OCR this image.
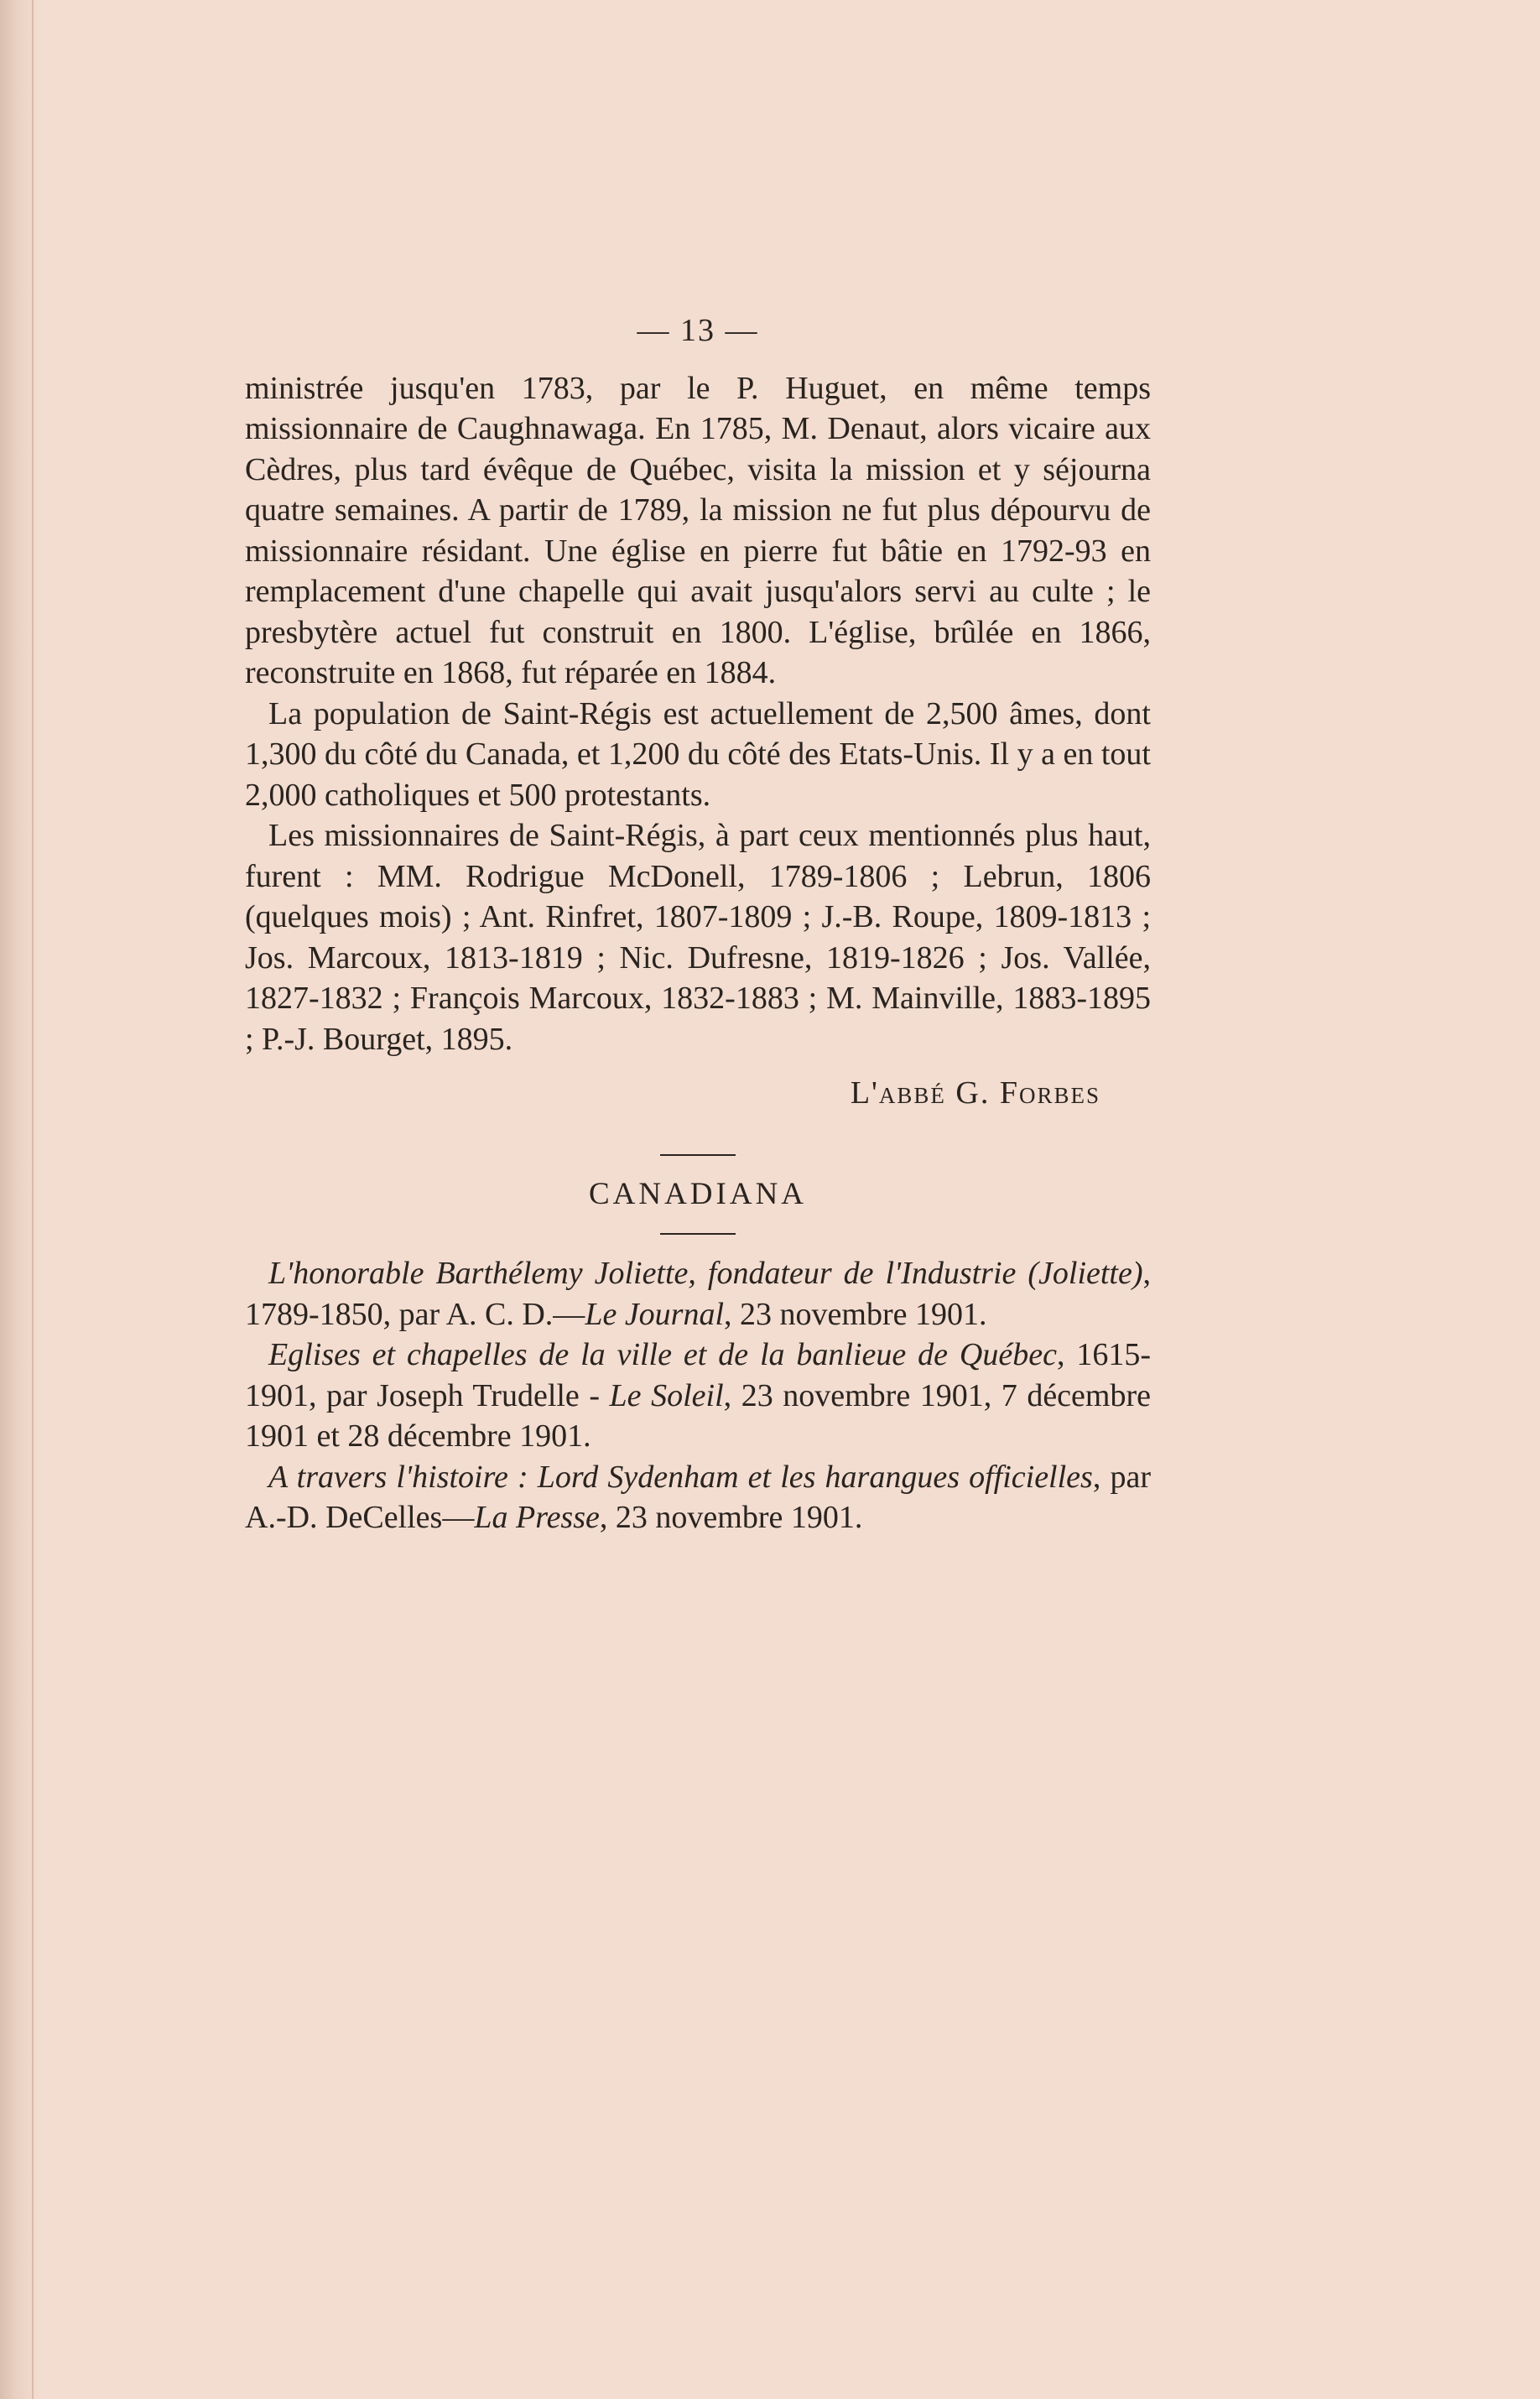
— 13 —

ministrée jusqu'en 1783, par le P. Huguet, en même temps missionnaire de Caughnawaga. En 1785, M. Denaut, alors vicaire aux Cèdres, plus tard évêque de Québec, visita la mission et y séjourna quatre semaines. A partir de 1789, la mission ne fut plus dépourvu de missionnaire résidant. Une église en pierre fut bâtie en 1792-93 en remplacement d'une chapelle qui avait jusqu'alors servi au culte ; le presbytère actuel fut construit en 1800. L'église, brûlée en 1866, reconstruite en 1868, fut réparée en 1884.

La population de Saint-Régis est actuellement de 2,500 âmes, dont 1,300 du côté du Canada, et 1,200 du côté des Etats-Unis. Il y a en tout 2,000 catholiques et 500 protestants.

Les missionnaires de Saint-Régis, à part ceux mentionnés plus haut, furent : MM. Rodrigue McDonell, 1789-1806 ; Lebrun, 1806 (quelques mois) ; Ant. Rinfret, 1807-1809 ; J.-B. Roupe, 1809-1813 ; Jos. Marcoux, 1813-1819 ; Nic. Dufresne, 1819-1826 ; Jos. Vallée, 1827-1832 ; François Marcoux, 1832-1883 ; M. Mainville, 1883-1895 ; P.-J. Bourget, 1895.

L'abbé G. Forbes
CANADIANA

L'honorable Barthélemy Joliette, fondateur de l'Industrie (Joliette), 1789-1850, par A. C. D.—Le Journal, 23 novembre 1901.

Eglises et chapelles de la ville et de la banlieue de Québec, 1615-1901, par Joseph Trudelle - Le Soleil, 23 novembre 1901, 7 décembre 1901 et 28 décembre 1901.

A travers l'histoire : Lord Sydenham et les harangues officielles, par A.-D. DeCelles—La Presse, 23 novembre 1901.
